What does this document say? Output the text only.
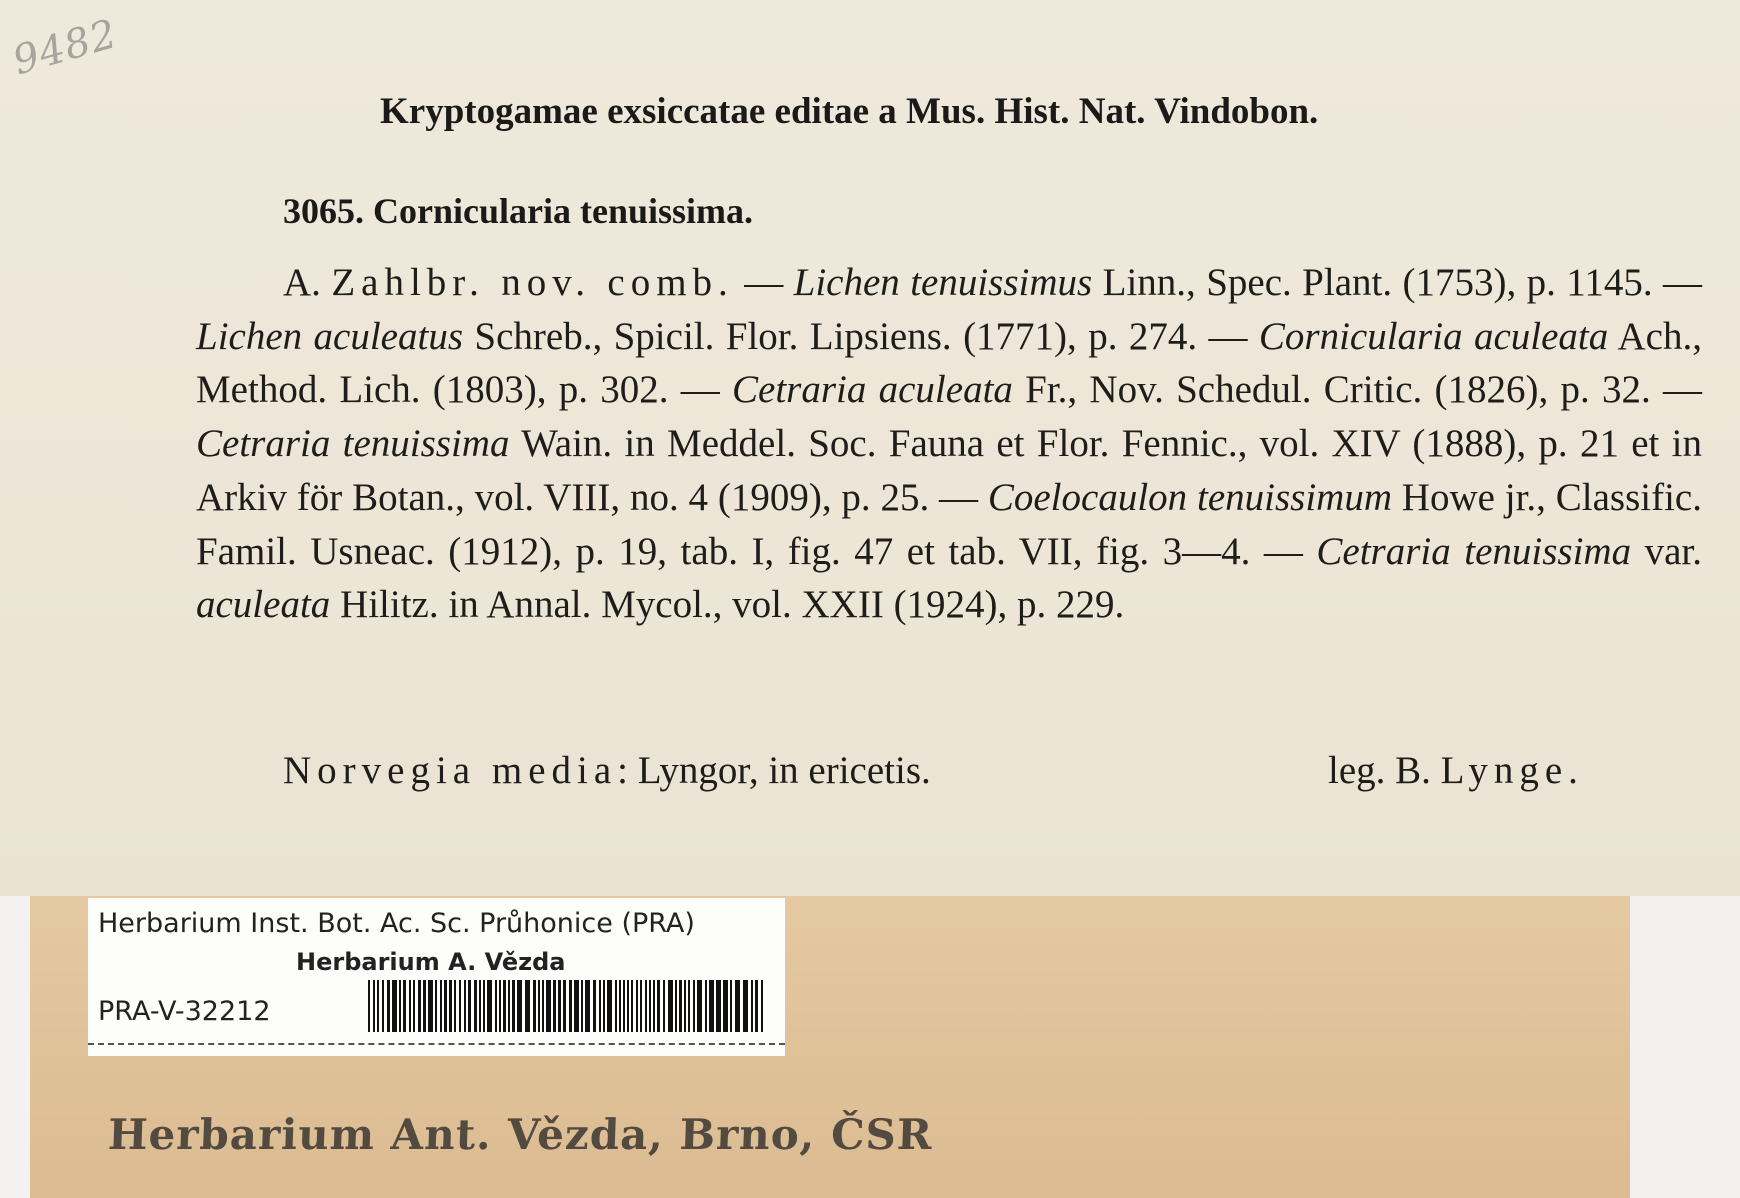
9482
Kryptogamae exsiccatae editae a Mus. Hist. Nat. Vindobon.
3065. Cornicularia tenuissima.

A. Zahlbr. nov. comb. — Lichen tenuissimus Linn., Spec. Plant. (1753), p. 1145. — Lichen aculeatus Schreb., Spicil. Flor. Lipsiens. (1771), p. 274. — Cornicularia aculeata Ach., Method. Lich. (1803), p. 302. — Cetraria aculeata Fr., Nov. Schedul. Critic. (1826), p. 32. — Cetraria tenuissima Wain. in Meddel. Soc. Fauna et Flor. Fennic., vol. XIV (1888), p. 21 et in Arkiv för Botan., vol. VIII, no. 4 (1909), p. 25. — Coelocaulon tenuissimum Howe jr., Classific. Famil. Usneac. (1912), p. 19, tab. I, fig. 47 et tab. VII, fig. 3—4. — Cetraria tenuissima var. aculeata Hilitz. in Annal. Mycol., vol. XXII (1924), p. 229.

Norvegia media: Lyngor, in ericetis.	leg. B. Lynge.
Herbarium Inst. Bot. Ac. Sc. Průhonice (PRA)
Herbarium A. Vězda
PRA-V-32212
Herbarium Ant. Vězda, Brno, ČSR
